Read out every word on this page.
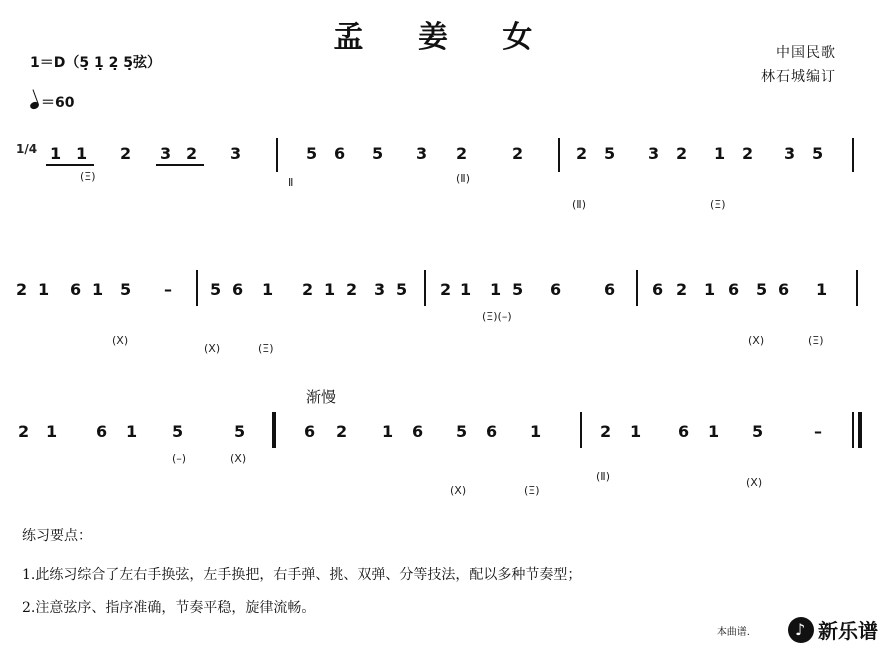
孟 姜 女	中国民歌
林石城编订
1＝D（5̣ 1̣ 2̣ 5̣弦）
＝60
1/4 1 1 2 3 2 3	5 6 5 3 2	2	2 5 3 2 1 2 3 5
(Ξ)	Ⅱ	(Ⅱ)
(Ⅱ)	(Ξ)
2 1 6 1 5 – 5 6 1 2 1 2 3 5 2 1 1 5 6	6 6 2 1 6 5 6 1
(Ⅹ)
(Ⅹ)	(Ξ)
(Ξ)(–)
(Ⅹ)	(Ξ)
渐慢
2 1 6 1 5	5	6 2 1 6 5 6 1	2 1 6 1 5	–
(–)	(Ⅹ)
(Ⅹ)	(Ξ)
(Ⅱ)	(Ⅹ)
练习要点：
1.此练习综合了左右手换弦，左手换把，右手弹、挑、双弹、分等技法，配以多种节奏型；
2.注意弦序、指序准确，节奏平稳，旋律流畅。
本曲谱.
♪	新乐谱
